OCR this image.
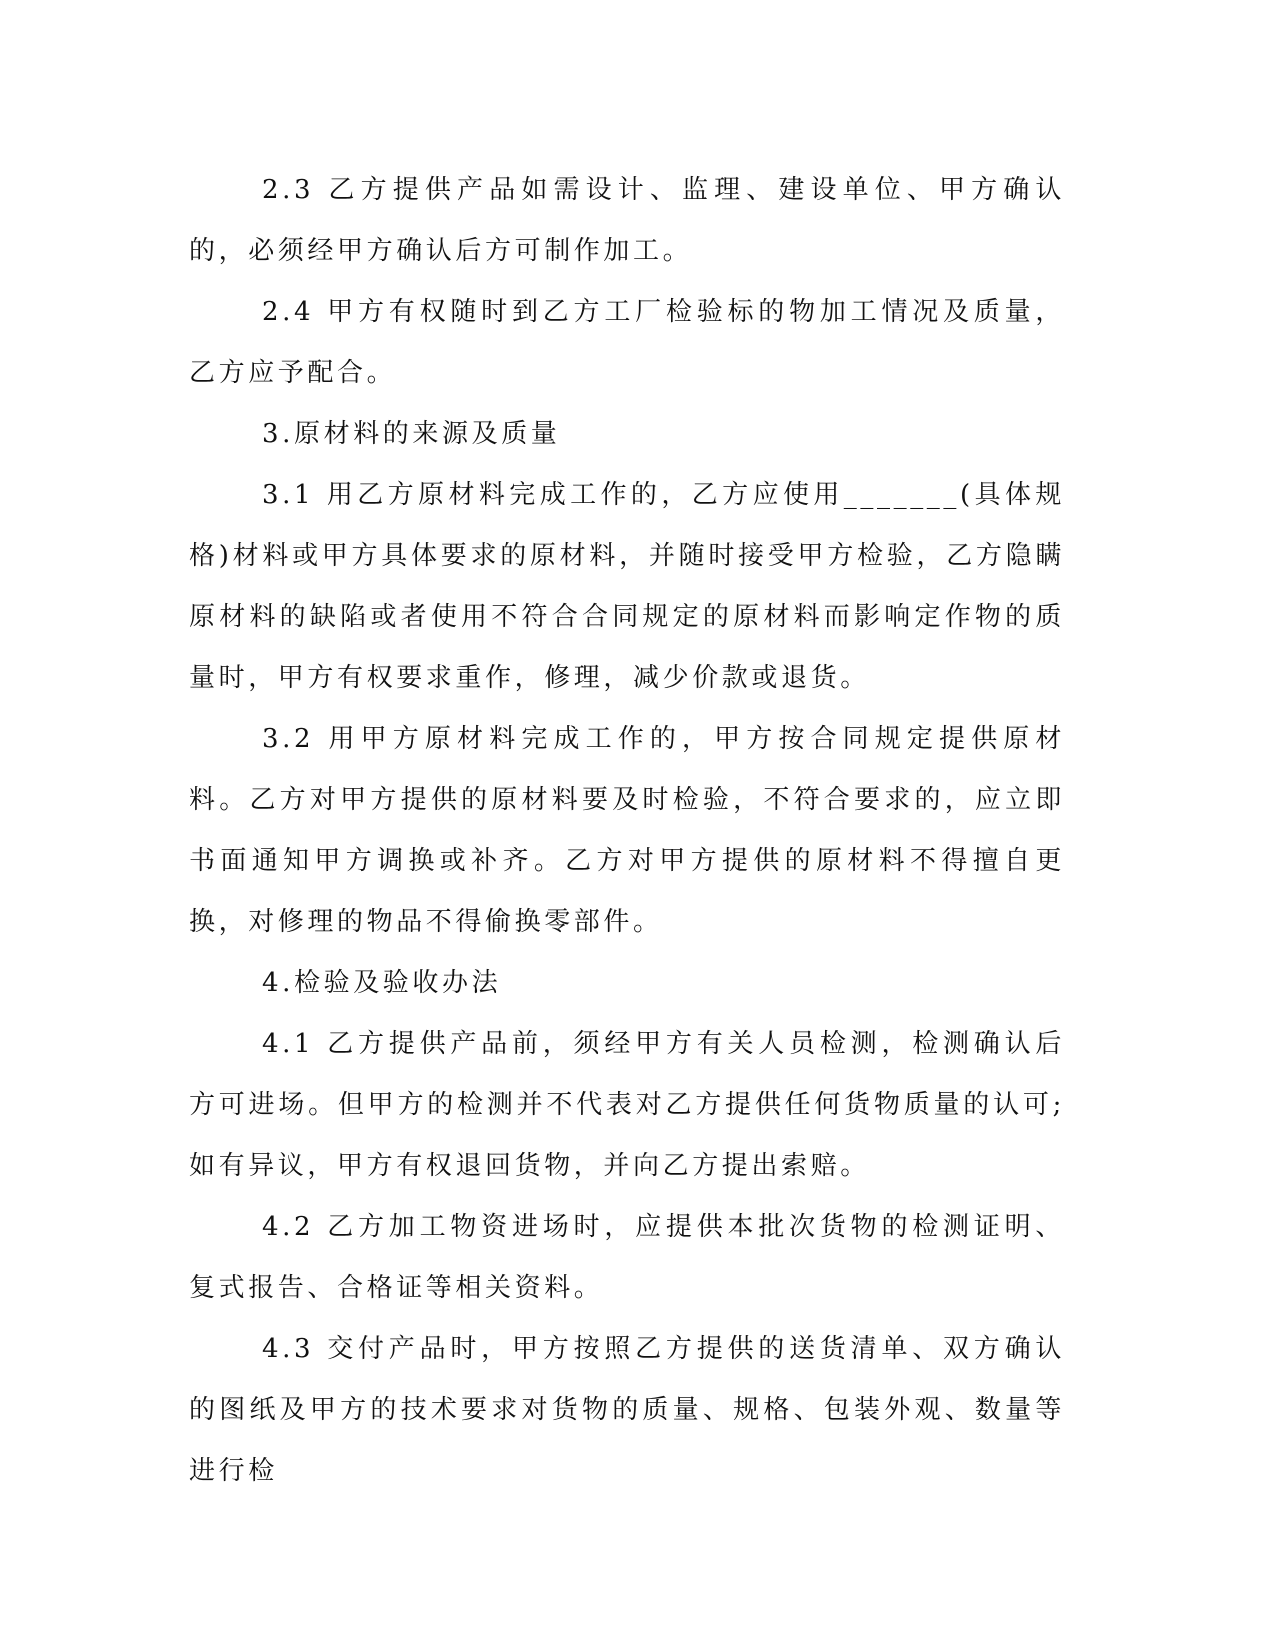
2.3 乙方提供产品如需设计、监理、建设单位、甲方确认的，必须经甲方确认后方可制作加工。

2.4 甲方有权随时到乙方工厂检验标的物加工情况及质量，乙方应予配合。

3.原材料的来源及质量

3.1 用乙方原材料完成工作的，乙方应使用_______(具体规格)材料或甲方具体要求的原材料，并随时接受甲方检验，乙方隐瞒原材料的缺陷或者使用不符合合同规定的原材料而影响定作物的质量时，甲方有权要求重作，修理，减少价款或退货。

3.2 用甲方原材料完成工作的，甲方按合同规定提供原材料。乙方对甲方提供的原材料要及时检验，不符合要求的，应立即书面通知甲方调换或补齐。乙方对甲方提供的原材料不得擅自更换，对修理的物品不得偷换零部件。

4.检验及验收办法

4.1 乙方提供产品前，须经甲方有关人员检测，检测确认后方可进场。但甲方的检测并不代表对乙方提供任何货物质量的认可;如有异议，甲方有权退回货物，并向乙方提出索赔。

4.2 乙方加工物资进场时，应提供本批次货物的检测证明、复式报告、合格证等相关资料。

4.3 交付产品时，甲方按照乙方提供的送货清单、双方确认的图纸及甲方的技术要求对货物的质量、规格、包装外观、数量等进行检
